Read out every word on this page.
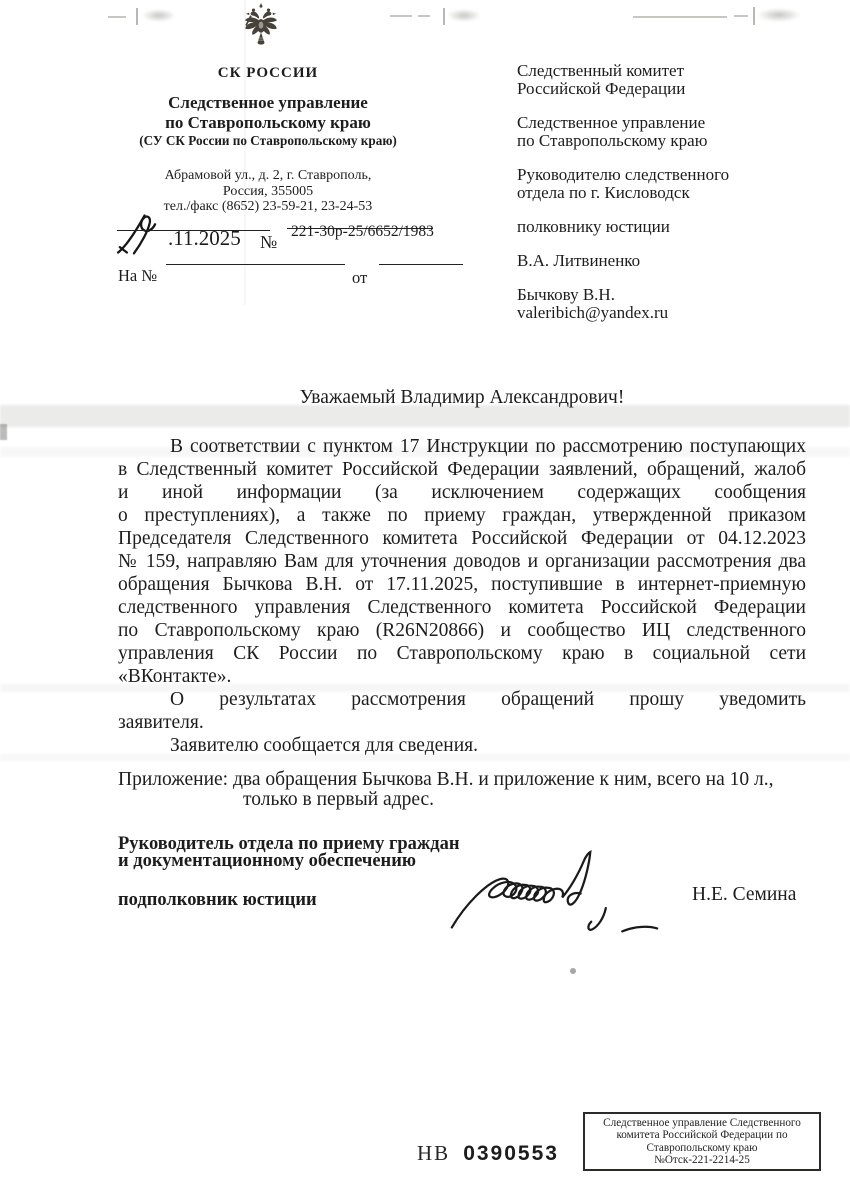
СК РОССИИ
Следственное управление
по Ставропольскому краю
(СУ СК России по Ставропольскому краю)
Абрамовой ул., д. 2, г. Ставрополь,
Россия, 355005
тел./факс (8652) 23-59-21, 23-24-53
.11.2025 №
221-30р-25/6652/1983
На №	от

Следственный комитет
Российской Федерации

Следственное управление
по Ставропольскому краю

Руководителю следственного
отдела по г. Кисловодск

полковнику юстиции

В.А. Литвиненко

Бычкову В.Н.
valeribich@yandex.ru

Уважаемый Владимир Александрович!
В соответствии с пунктом 17 Инструкции по рассмотрению поступающих
в Следственный комитет Российской Федерации заявлений, обращений, жалоб
и иной информации (за исключением содержащих сообщения
о преступлениях), а также по приему граждан, утвержденной приказом
Председателя Следственного комитета Российской Федерации от 04.12.2023
№ 159, направляю Вам для уточнения доводов и организации рассмотрения два
обращения Бычкова В.Н. от 17.11.2025, поступившие в интернет-приемную
следственного управления Следственного комитета Российской Федерации
по Ставропольскому краю (R26N20866) и сообщество ИЦ следственного
управления СК России по Ставропольскому краю в социальной сети
«ВКонтакте».
О результатах рассмотрения обращений прошу уведомить
заявителя.
Заявителю сообщается для сведения.
Приложение: два обращения Бычкова В.Н. и приложение к ним, всего на 10 л.,
только в первый адрес.
Руководитель отдела по приему граждан
и документационному обеспечению
подполковник юстиции	Н.Е. Семина
НВ 0390553
Следственное управление Следственного
комитета Российской Федерации по
Ставропольскому краю
№Отск-221-2214-25
